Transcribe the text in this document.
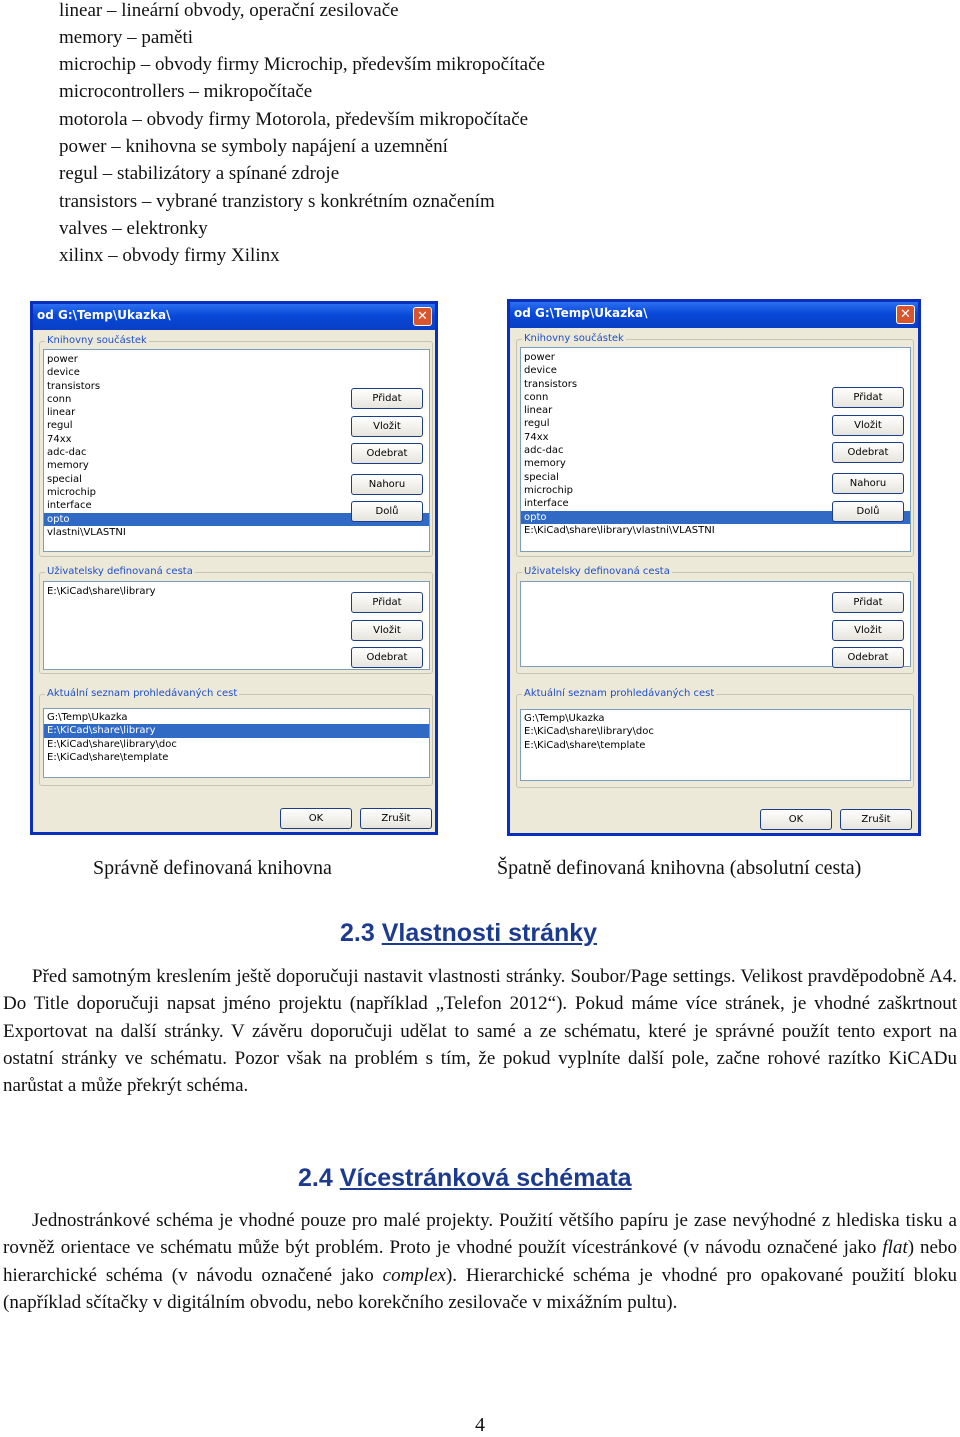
linear – lineární obvody, operační zesilovače
memory – paměti
microchip – obvody firmy Microchip, především mikropočítače
microcontrollers – mikropočítače
motorola – obvody firmy Motorola, především mikropočítače
power – knihovna se symboly napájení a uzemnění
regul – stabilizátory a spínané zdroje
transistors – vybrané tranzistory s konkrétním označením
valves – elektronky
xilinx – obvody firmy Xilinx
od G:\Temp\Ukazka\	✕
Knihovny součástek
power
device
transistors
conn
linear
regul
74xx
adc-dac
memory
special
microchip
interface
opto
vlastni\VLASTNI
Přidat
Vložit
Odebrat
Nahoru
Dolů
Uživatelsky definovaná cesta
E:\KiCad\share\library
Přidat
Vložit
Odebrat
Aktuální seznam prohledávaných cest
G:\Temp\Ukazka
E:\KiCad\share\library
E:\KiCad\share\library\doc
E:\KiCad\share\template
OK	Zrušit
od G:\Temp\Ukazka\	✕
Knihovny součástek
power
device
transistors
conn
linear
regul
74xx
adc-dac
memory
special
microchip
interface
opto
E:\KiCad\share\library\vlastni\VLASTNI
Přidat
Vložit
Odebrat
Nahoru
Dolů
Uživatelsky definovaná cesta
Přidat
Vložit
Odebrat
Aktuální seznam prohledávaných cest
G:\Temp\Ukazka
E:\KiCad\share\library\doc
E:\KiCad\share\template
OK	Zrušit
Správně definovaná knihovna	Špatně definovaná knihovna (absolutní cesta)
2.3 Vlastnosti stránky

Před samotným kreslením ještě doporučuji nastavit vlastnosti stránky. Soubor/Page settings. Velikost pravděpodobně A4. Do Title doporučuji napsat jméno projektu (například „Telefon 2012“). Pokud máme více stránek, je vhodné zaškrtnout Exportovat na další stránky. V závěru doporučuji udělat to samé a ze schématu, které je správné použít tento export na ostatní stránky ve schématu. Pozor však na problém s tím, že pokud vyplníte další pole, začne rohové razítko KiCADu narůstat a může překrýt schéma.

2.4 Vícestránková schémata

Jednostránkové schéma je vhodné pouze pro malé projekty. Použití většího papíru je zase nevýhodné z hlediska tisku a rovněž orientace ve schématu může být problém. Proto je vhodné použít vícestránkové (v návodu označené jako flat) nebo hierarchické schéma (v návodu označené jako complex). Hierarchické schéma je vhodné pro opakované použití bloku (například sčítačky v digitálním obvodu, nebo korekčního zesilovače v mixážním pultu).

4
